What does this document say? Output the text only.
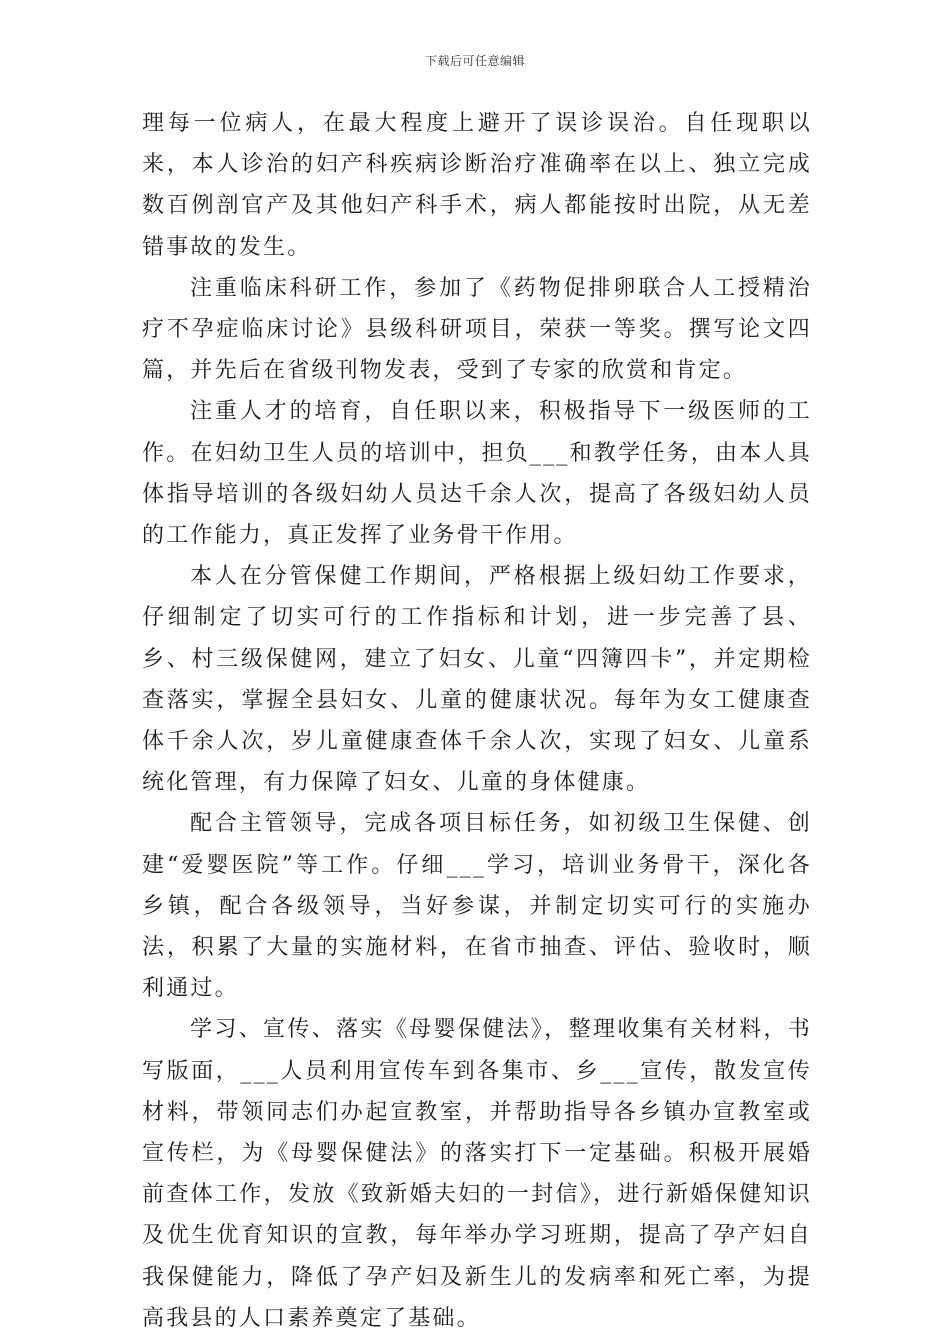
下载后可任意编辑

理每一位病人，在最大程度上避开了误诊误治。自任现职以来，本人诊治的妇产科疾病诊断治疗准确率在以上、独立完成数百例剖官产及其他妇产科手术，病人都能按时出院，从无差错事故的发生。

注重临床科研工作，参加了《药物促排卵联合人工授精治疗不孕症临床讨论》县级科研项目，荣获一等奖。撰写论文四篇，并先后在省级刊物发表，受到了专家的欣赏和肯定。

注重人才的培育，自任职以来，积极指导下一级医师的工作。在妇幼卫生人员的培训中，担负___和教学任务，由本人具体指导培训的各级妇幼人员达千余人次，提高了各级妇幼人员的工作能力，真正发挥了业务骨干作用。

本人在分管保健工作期间，严格根据上级妇幼工作要求，仔细制定了切实可行的工作指标和计划，进一步完善了县、乡、村三级保健网，建立了妇女、儿童“四簿四卡”，并定期检查落实，掌握全县妇女、儿童的健康状况。每年为女工健康查体千余人次，岁儿童健康查体千余人次，实现了妇女、儿童系统化管理，有力保障了妇女、儿童的身体健康。

配合主管领导，完成各项目标任务，如初级卫生保健、创建“爱婴医院”等工作。仔细___学习，培训业务骨干，深化各乡镇，配合各级领导，当好参谋，并制定切实可行的实施办法，积累了大量的实施材料，在省市抽查、评估、验收时，顺利通过。

学习、宣传、落实《母婴保健法》，整理收集有关材料，书写版面，___人员利用宣传车到各集市、乡___宣传，散发宣传材料，带领同志们办起宣教室，并帮助指导各乡镇办宣教室或宣传栏，为《母婴保健法》的落实打下一定基础。积极开展婚前查体工作，发放《致新婚夫妇的一封信》，进行新婚保健知识及优生优育知识的宣教，每年举办学习班期，提高了孕产妇自我保健能力，降低了孕产妇及新生儿的发病率和死亡率，为提高我县的人口素养奠定了基础。
